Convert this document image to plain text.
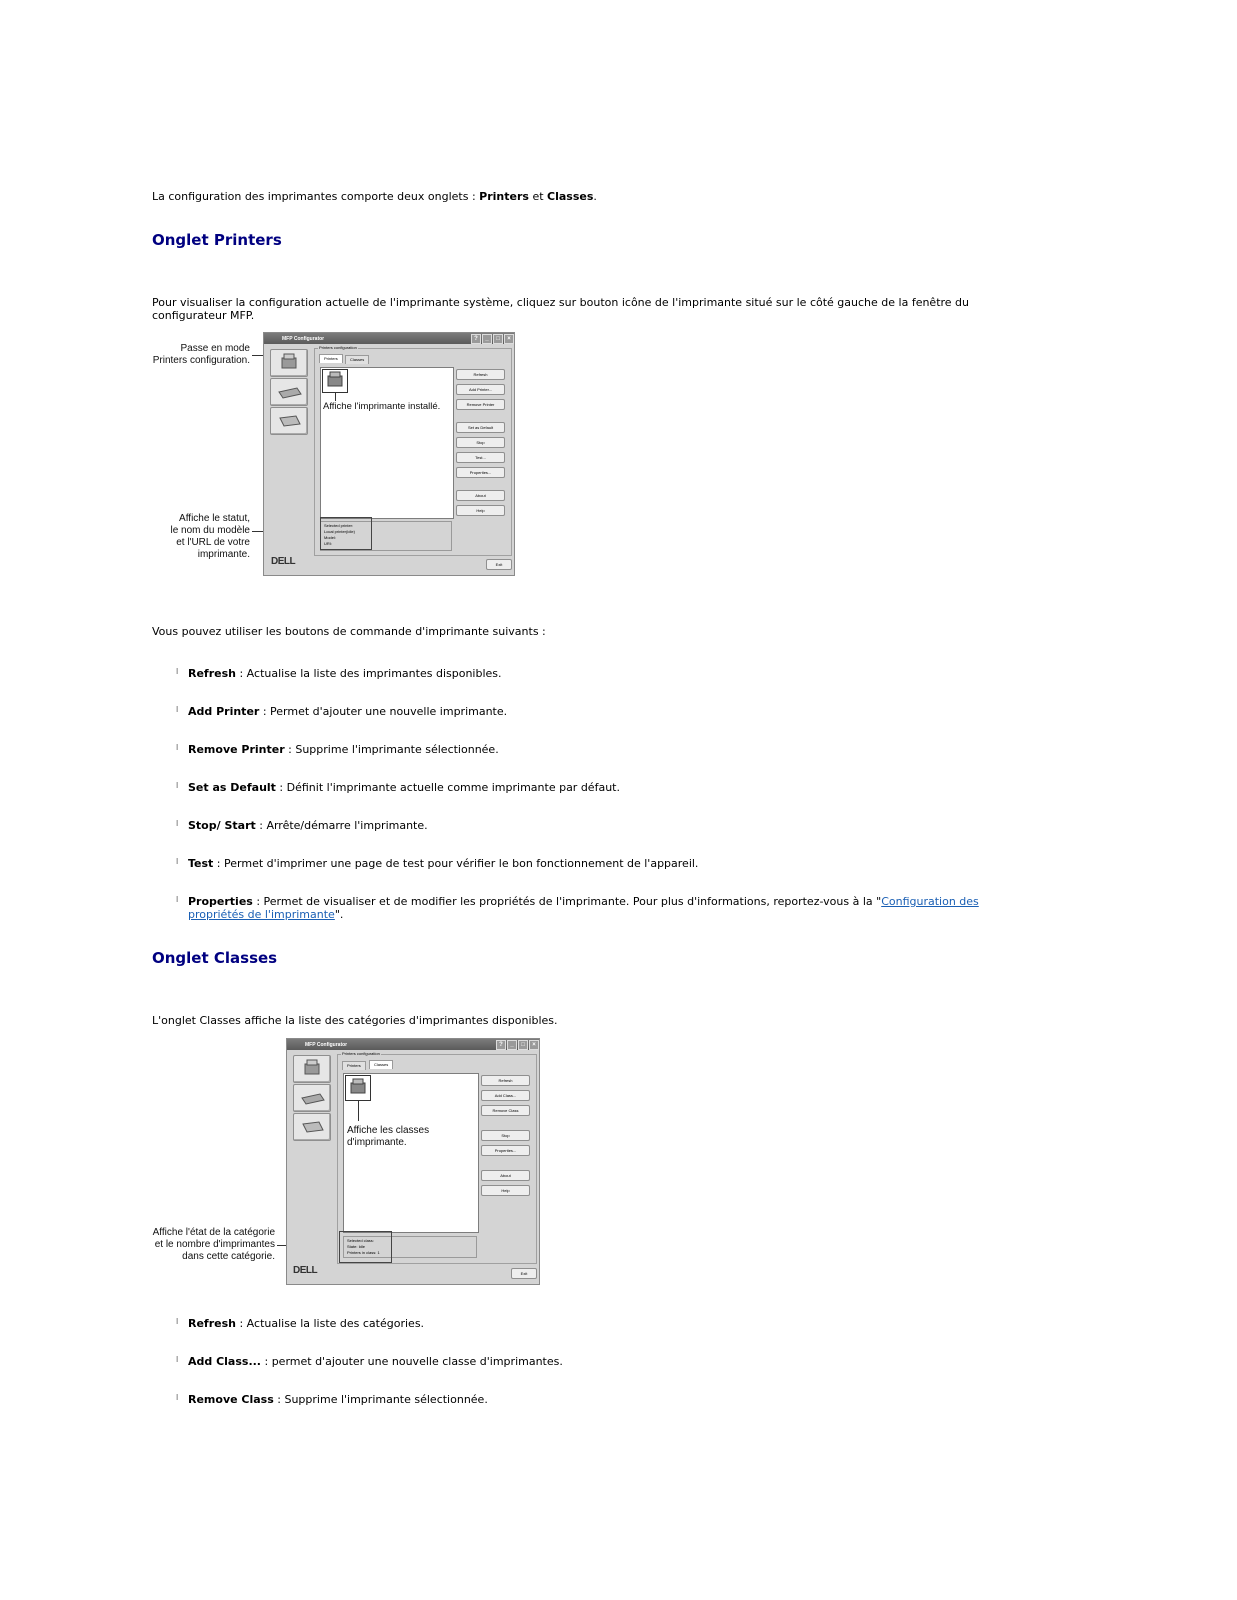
La configuration des imprimantes comporte deux onglets : Printers et Classes.

Onglet Printers

Pour visualiser la configuration actuelle de l'imprimante système, cliquez sur bouton icône de l'imprimante situé sur le côté gauche de la fenêtre du configurateur MFP.

Passe en mode
Printers configuration.
Affiche le statut,
le nom du modèle
et l'URL de votre
imprimante.
MFP Configurator	?	_	□	×
Printers configuration
Printers	Classes
Affiche l'imprimante installé.
Refresh
Add Printer...
Remove Printer
Set as Default
Stop
Test...
Properties...
About
Help
Selected printer:
Local printer(idle)
Model:
URI:
DELL	Exit

Vous pouvez utiliser les boutons de commande d'imprimante suivants :

l Refresh : Actualise la liste des imprimantes disponibles.
l Add Printer : Permet d'ajouter une nouvelle imprimante.
l Remove Printer : Supprime l'imprimante sélectionnée.
l Set as Default : Définit l'imprimante actuelle comme imprimante par défaut.
l Stop/ Start : Arrête/démarre l'imprimante.
l Test : Permet d'imprimer une page de test pour vérifier le bon fonctionnement de l'appareil.
l Properties : Permet de visualiser et de modifier les propriétés de l'imprimante. Pour plus d'informations, reportez-vous à la "Configuration des propriétés de l'imprimante".
Onglet Classes

L'onglet Classes affiche la liste des catégories d'imprimantes disponibles.

Affiche l'état de la catégorie
et le nombre d'imprimantes
dans cette catégorie.
MFP Configurator	?	_	□	×
Printers configuration
Printers	Classes
Affiche les classes
d'imprimante.
Refresh
Add Class...
Remove Class
Stop
Properties...
About
Help
Selected class:
State: Idle
Printers in class: 1
DELL	Exit
l Refresh : Actualise la liste des catégories.
l Add Class... : permet d'ajouter une nouvelle classe d'imprimantes.
l Remove Class : Supprime l'imprimante sélectionnée.
